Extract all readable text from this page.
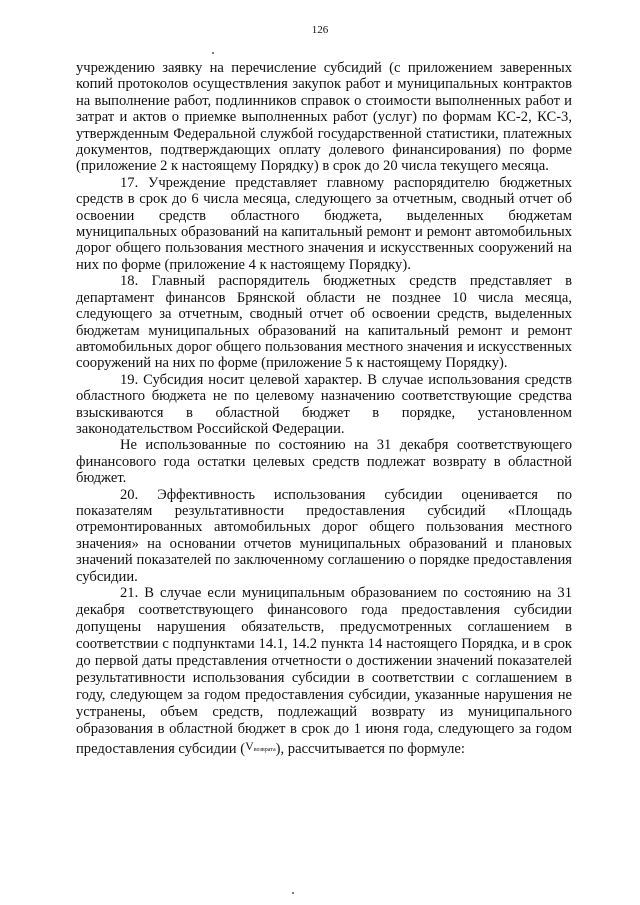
126

учреждению заявку на перечисление субсидий (с приложением заверенных копий протоколов осуществления закупок работ и муниципальных контрактов на выполнение работ, подлинников справок о стоимости выполненных работ и затрат и актов о приемке выполненных работ (услуг) по формам КС-2, КС-3, утвержденным Федеральной службой государственной статистики, платежных документов, подтверждающих оплату долевого финансирования) по форме (приложение 2 к настоящему Порядку) в срок до 20 числа текущего месяца.

17. Учреждение представляет главному распорядителю бюджетных средств в срок до 6 числа месяца, следующего за отчетным, сводный отчет об освоении средств областного бюджета, выделенных бюджетам муниципальных образований на капитальный ремонт и ремонт автомобильных дорог общего пользования местного значения и искусственных сооружений на них по форме (приложение 4 к настоящему Порядку).

18. Главный распорядитель бюджетных средств представляет в департамент финансов Брянской области не позднее 10 числа месяца, следующего за отчетным, сводный отчет об освоении средств, выделенных бюджетам муниципальных образований на капитальный ремонт и ремонт автомобильных дорог общего пользования местного значения и искусственных сооружений на них по форме (приложение 5 к настоящему Порядку).

19. Субсидия носит целевой характер. В случае использования средств областного бюджета не по целевому назначению соответствующие средства взыскиваются в областной бюджет в порядке, установленном законодательством Российской Федерации.

Не использованные по состоянию на 31 декабря соответствующего финансового года остатки целевых средств подлежат возврату в областной бюджет.

20. Эффективность использования субсидии оценивается по показателям результативности предоставления субсидий «Площадь отремонтированных автомобильных дорог общего пользования местного значения» на основании отчетов муниципальных образований и плановых значений показателей по заключенному соглашению о порядке предоставления субсидии.

21. В случае если муниципальным образованием по состоянию на 31 декабря соответствующего финансового года предоставления субсидии допущены нарушения обязательств, предусмотренных соглашением в соответствии с подпунктами 14.1, 14.2 пункта 14 настоящего Порядка, и в срок до первой даты представления отчетности о достижении значений показателей результативности использования субсидии в соответствии с соглашением в году, следующем за годом предоставления субсидии, указанные нарушения не устранены, объем средств, подлежащий возврату из муниципального образования в областной бюджет в срок до 1 июня года, следующего за годом предоставления субсидии ($^{V_{возврата}}$), рассчитывается по формуле:
